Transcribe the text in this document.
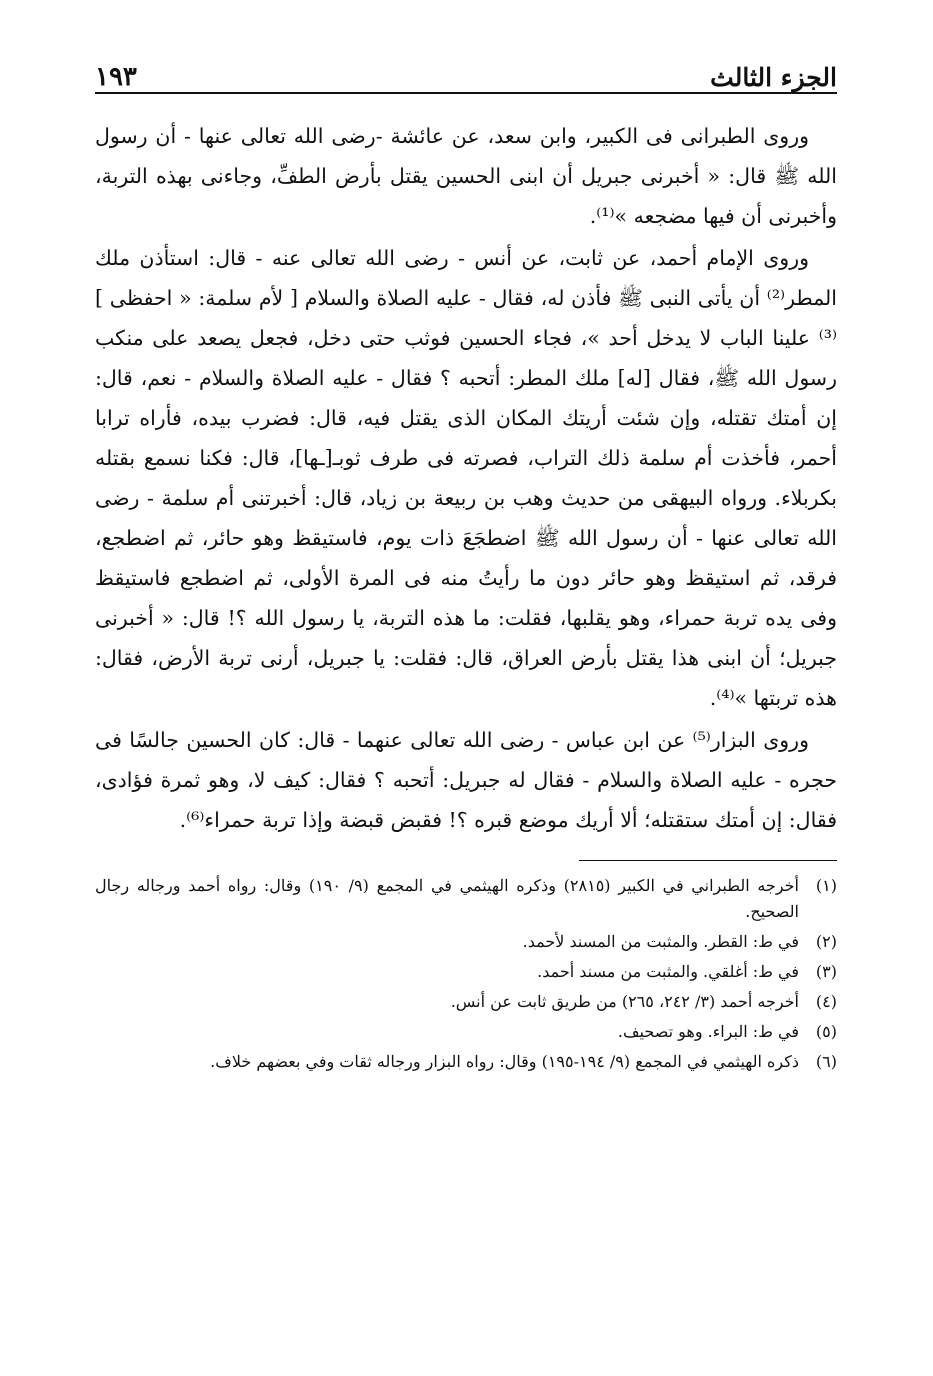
الجزء الثالث
١٩٣

وروى الطبرانى فى الكبير، وابن سعد، عن عائشة -رضى الله تعالى عنها - أن رسول الله ﷺ قال: « أخبرنى جبريل أن ابنى الحسين يقتل بأرض الطفِّ، وجاءنى بهذه التربة، وأخبرنى أن فيها مضجعه »⁽¹⁾.

وروى الإمام أحمد، عن ثابت، عن أنس - رضى الله تعالى عنه - قال: استأذن ملك المطر⁽²⁾ أن يأتى النبى ﷺ فأذن له، فقال - عليه الصلاة والسلام [ لأم سلمة: « احفظى ]⁽³⁾ علينا الباب لا يدخل أحد »، فجاء الحسين فوثب حتى دخل، فجعل يصعد على منكب رسول الله ﷺ، فقال [له] ملك المطر: أتحبه ؟ فقال - عليه الصلاة والسلام - نعم، قال: إن أمتك تقتله، وإن شئت أريتك المكان الذى يقتل فيه، قال: فضرب بيده، فأراه ترابا أحمر، فأخذت أم سلمة ذلك التراب، فصرته فى طرف ثوبـ[ـها]، قال: فكنا نسمع بقتله بكربلاء. ورواه البيهقى من حديث وهب بن ربيعة بن زياد، قال: أخبرتنى أم سلمة - رضى الله تعالى عنها - أن رسول الله ﷺ اضطجَعَ ذات يوم، فاستيقظ وهو حائر، ثم اضطجع، فرقد، ثم استيقظ وهو حائر دون ما رأيتُ منه فى المرة الأولى، ثم اضطجع فاستيقظ وفى يده تربة حمراء، وهو يقلبها، فقلت: ما هذه التربة، يا رسول الله ؟! قال: « أخبرنى جبريل؛ أن ابنى هذا يقتل بأرض العراق، قال: فقلت: يا جبريل، أرنى تربة الأرض، فقال: هذه تربتها »⁽⁴⁾.

وروى البزار⁽⁵⁾ عن ابن عباس - رضى الله تعالى عنهما - قال: كان الحسين جالسًا فى حجره - عليه الصلاة والسلام - فقال له جبريل: أتحبه ؟ فقال: كيف لا، وهو ثمرة فؤادى، فقال: إن أمتك ستقتله؛ ألا أريك موضع قبره ؟! فقبض قبضة وإذا تربة حمراء⁽⁶⁾.

(١)
أخرجه الطبراني في الكبير (٢٨١٥) وذكره الهيثمي في المجمع (٩/ ١٩٠) وقال: رواه أحمد ورجاله رجال الصحيح.
(٢)
في ط: القطر. والمثبت من المسند لأحمد.
(٣)
في ط: أغلقي. والمثبت من مسند أحمد.
(٤)
أخرجه أحمد (٣/ ٢٤٢، ٢٦٥) من طريق ثابت عن أنس.
(٥)
في ط: البراء. وهو تصحيف.
(٦)
ذكره الهيثمي في المجمع (٩/ ١٩٤-١٩٥) وقال: رواه البزار ورجاله ثقات وفي بعضهم خلاف.
